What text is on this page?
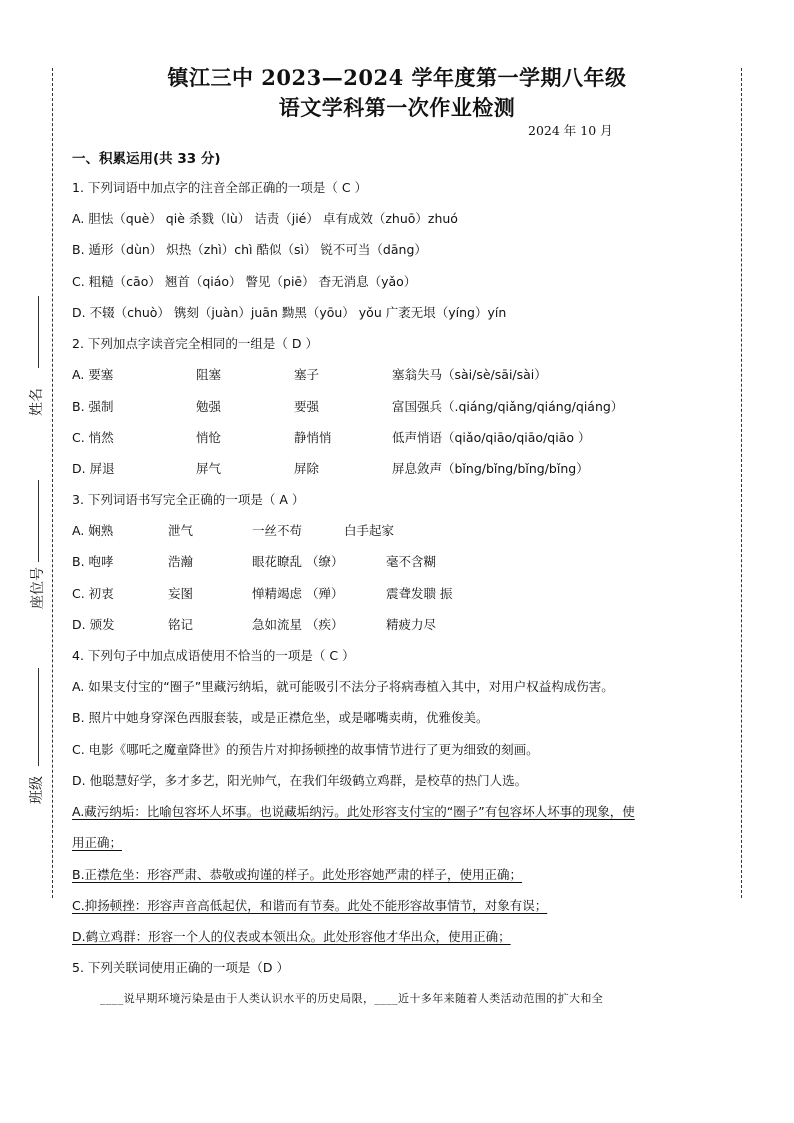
姓名
座位号
班级
镇江三中 2023—2024 学年度第一学期八年级
语文学科第一次作业检测
2024 年 10 月
一、积累运用(共 33 分)
1. 下列词语中加点字的注音全部正确的一项是（ C ）
A. 胆怯（què） qiè 杀戮（lù） 诘责（jié） 卓有成效（zhuō）zhuó
B. 遁形（dùn） 炽热（zhì）chì 酷似（sì） 锐不可当（dāng）
C. 粗糙（cāo） 翘首（qiáo） 瞥见（piē） 杳无消息（yǎo）
D. 不辍（chuò） 镌刻（juàn）juān 黝黑（yōu） yǒu 广袤无垠（yíng）yín
2. 下列加点字读音完全相同的一组是（ D ）
A. 要塞	阻塞	塞子	塞翁失马（sài/sè/sāi/sài）
B. 强制	勉强	要强	富国强兵（.qiáng/qiǎng/qiáng/qiáng）
C. 悄然	悄怆	静悄悄	低声悄语（qiǎo/qiāo/qiāo/qiāo ）
D. 屏退	屏气	屏除	屏息敛声（bǐng/bǐng/bǐng/bǐng）
3. 下列词语书写完全正确的一项是（ A ）
A. 娴熟	泄气	一丝不苟	白手起家
B. 咆哮	浩瀚	眼花瞭乱 （缭）	毫不含糊
C. 初衷	妄图	惮精竭虑 （殚）	震聋发聩 振
D. 颁发	铭记	急如流星 （疾）	精疲力尽
4. 下列句子中加点成语使用不恰当的一项是（ C ）
A. 如果支付宝的“圈子”里藏污纳垢，就可能吸引不法分子将病毒植入其中，对用户权益构成伤害。
B. 照片中她身穿深色西服套装，或是正襟危坐，或是嘟嘴卖萌，优雅俊美。
C. 电影《哪吒之魔童降世》的预告片对抑扬顿挫的故事情节进行了更为细致的刻画。
D. 他聪慧好学，多才多艺，阳光帅气，在我们年级鹤立鸡群，是校草的热门人选。
A.藏污纳垢：比喻包容坏人坏事。也说藏垢纳污。此处形容支付宝的“圈子”有包容坏人坏事的现象，使
用正确；
B.正襟危坐：形容严肃、恭敬或拘谨的样子。此处形容她严肃的样子，使用正确；
C.抑扬顿挫：形容声音高低起伏，和谐而有节奏。此处不能形容故事情节，对象有误；
D.鹤立鸡群：形容一个人的仪表或本领出众。此处形容他才华出众，使用正确；
5. 下列关联词使用正确的一项是（D ）
____说早期环境污染是由于人类认识水平的历史局限，____近十多年来随着人类活动范围的扩大和全
